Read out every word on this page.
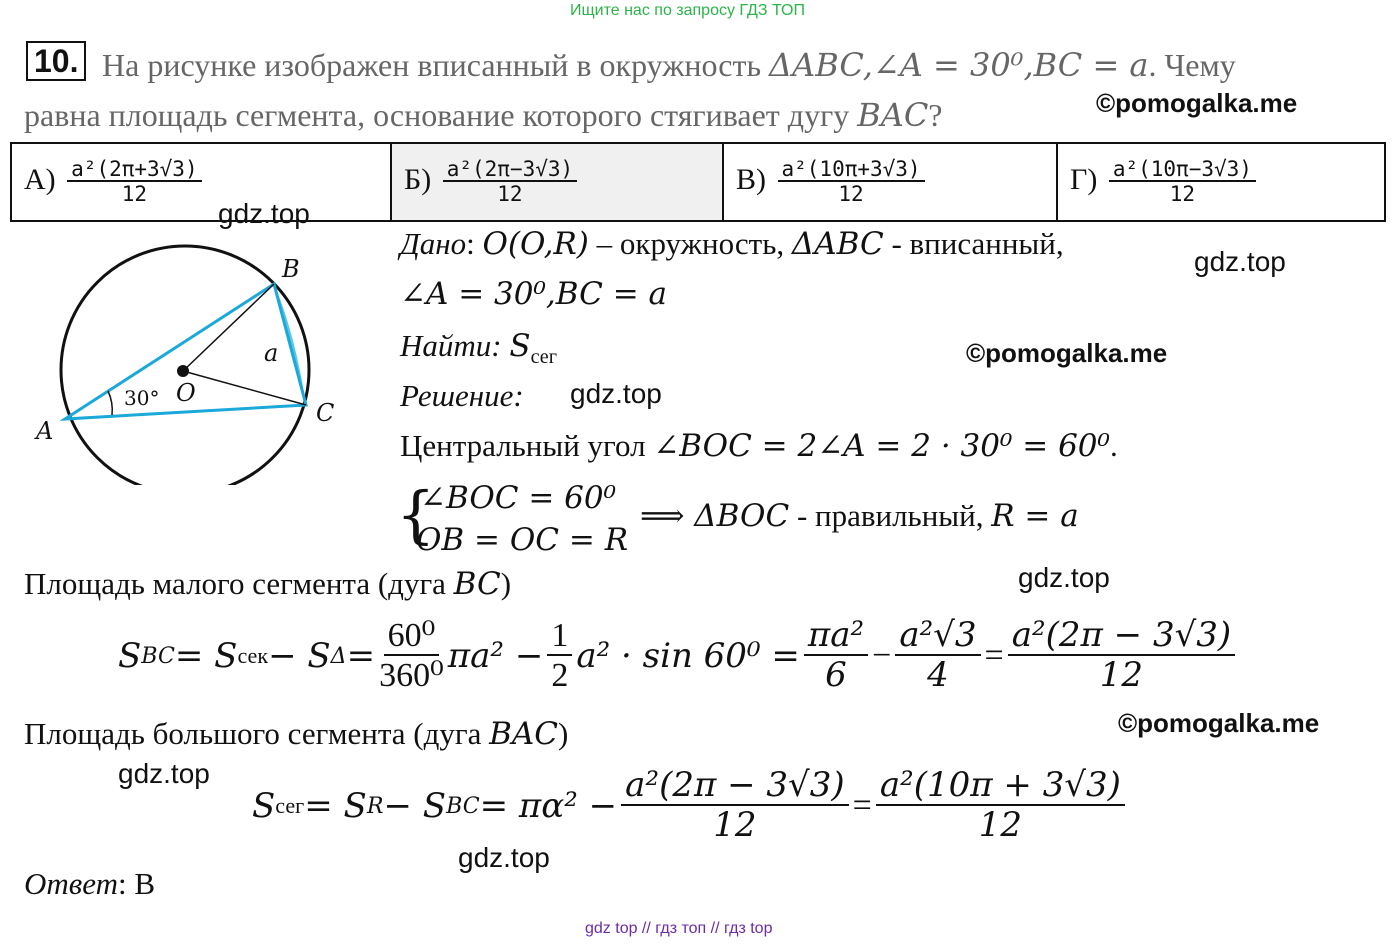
Ищите нас по запросу ГДЗ ТОП
10. На рисунке изображен вписанный в окружность ΔABC,∠A = 30⁰,BC = a. Чему
равна площадь сегмента, основание которого стягивает дугу BAC?	©pomogalka.me
$А) \frac{\text{a²(2π+3√3)}}{12}$	$Б) \frac{\text{a²(2π−3√3)}}{12}$	$В) \frac{\text{a²(10π+3√3)}}{12}$	$Г) \frac{\text{a²(10π−3√3)}}{12}$
gdz.top
B
C
A
O
a
30°
Дано: O(O,R) – окружность, ΔABC - вписанный,
gdz.top
∠A = 30⁰,BC = a
Найти: $S_{сег}$	©pomogalka.me
Решение: gdz.top
Центральный угол ∠BOC = 2∠A = 2 · 30⁰ = 60⁰.
{
∠BOC = 60⁰
OB = OC = R
⟹ ΔBOC - правильный, R = a
Площадь малого сегмента (дуга BC)	gdz.top
S BC = S сек − S $\Delta = \frac{\text{60⁰}}{\text{360⁰}} \pi a^2 - \frac{1}{2} a^2 \cdot \sin 60^0 = \frac{\text{πa²}}{6} - \frac{\text{a²√3}}{4} = \frac{\text{a²(2π − 3√3)}}{12}$
Площадь большого сегмента (дуга BAC)	©pomogalka.me
gdz.top
S сег = S R − S BC = $\pi\alpha^2 - \frac{\text{a²(2π − 3√3)}}{12} = \frac{\text{a²(10π + 3√3)}}{12}$
gdz.top
Ответ: В
gdz top // гдз топ // гдз top
